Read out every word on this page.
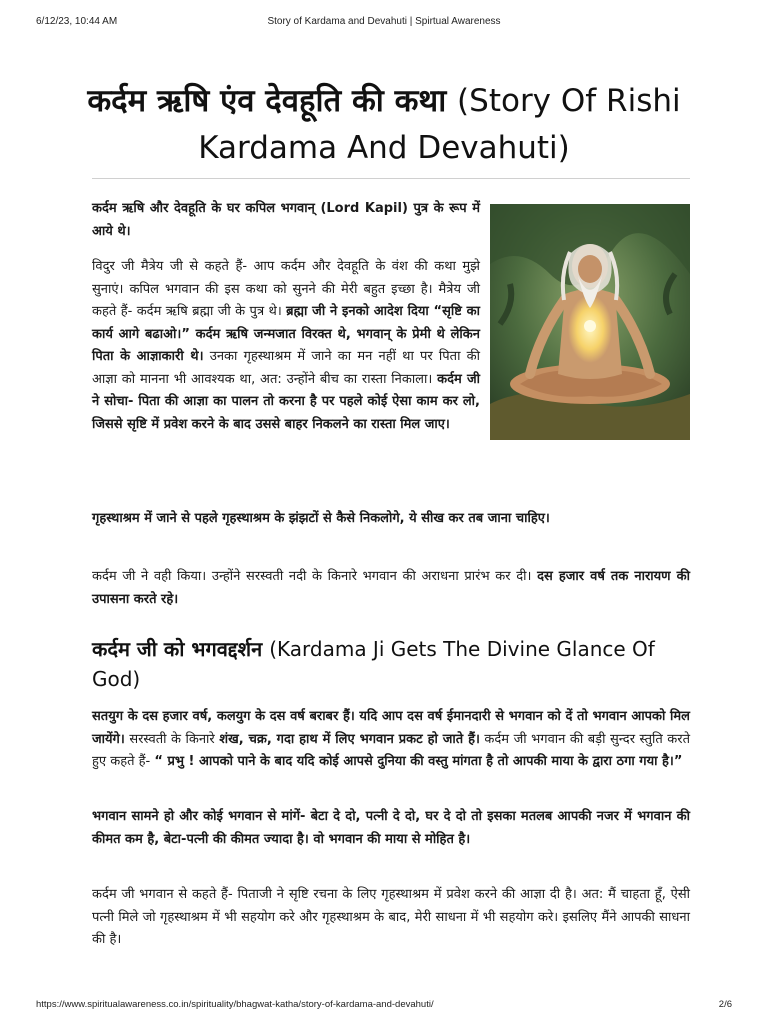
6/12/23, 10:44 AM	Story of Kardama and Devahuti | Spirtual Awareness
कर्दम ऋषि एंव देवहूति की कथा (Story Of Rishi Kardama And Devahuti)

कर्दम ऋषि और देवहूति के घर कपिल भगवान् (Lord Kapil) पुत्र के रूप में आये थे।

विदुर जी मैत्रेय जी से कहते हैं- आप कर्दम और देवहूति के वंश की कथा मुझे सुनाएं। कपिल भगवान की इस कथा को सुनने की मेरी बहुत इच्छा है। मैत्रेय जी कहते हैं- कर्दम ऋषि ब्रह्मा जी के पुत्र थे। ब्रह्मा जी ने इनको आदेश दिया “सृष्टि का कार्य आगे बढाओ।” कर्दम ऋषि जन्मजात विरक्त थे, भगवान् के प्रेमी थे लेकिन पिता के आज्ञाकारी थे। उनका गृहस्थाश्रम में जाने का मन नहीं था पर पिता की आज्ञा को मानना भी आवश्यक था, अत: उन्होंने बीच का रास्ता निकाला। कर्दम जी ने सोचा- पिता की आज्ञा का पालन तो करना है पर पहले कोई ऐसा काम कर लो, जिससे सृष्टि में प्रवेश करने के बाद उससे बाहर निकलने का रास्ता मिल जाए।

गृहस्थाश्रम में जाने से पहले गृहस्थाश्रम के झंझटों से कैसे निकलोगे, ये सीख कर तब जाना चाहिए।

कर्दम जी ने वही किया। उन्होंने सरस्वती नदी के किनारे भगवान की अराधना प्रारंभ कर दी। दस हजार वर्ष तक नारायण की उपासना करते रहे।

कर्दम जी को भगवद्दर्शन (Kardama Ji Gets The Divine Glance Of God)

सतयुग के दस हजार वर्ष, कलयुग के दस वर्ष बराबर हैं। यदि आप दस वर्ष ईमानदारी से भगवान को दें तो भगवान आपको मिल जायेंगे। सरस्वती के किनारे शंख, चक्र, गदा हाथ में लिए भगवान प्रकट हो जाते हैं। कर्दम जी भगवान की बड़ी सुन्दर स्तुति करते हुए कहते हैं- “ प्रभु ! आपको पाने के बाद यदि कोई आपसे दुनिया की वस्तु मांगता है तो आपकी माया के द्वारा ठगा गया है।”

भगवान सामने हो और कोई भगवान से मांगें- बेटा दे दो, पत्नी दे दो, घर दे दो तो इसका मतलब आपकी नजर में भगवान की कीमत कम है, बेटा-पत्नी की कीमत ज्यादा है। वो भगवान की माया से मोहित है।

कर्दम जी भगवान से कहते हैं- पिताजी ने सृष्टि रचना के लिए गृहस्थाश्रम में प्रवेश करने की आज्ञा दी है। अत: मैं चाहता हूँ, ऐसी पत्नी मिले जो गृहस्थाश्रम में भी सहयोग करे और गृहस्थाश्रम के बाद, मेरी साधना में भी सहयोग करे। इसलिए मैंने आपकी साधना की है।

https://www.spiritualawareness.co.in/spirituality/bhagwat-katha/story-of-kardama-and-devahuti/	2/6
